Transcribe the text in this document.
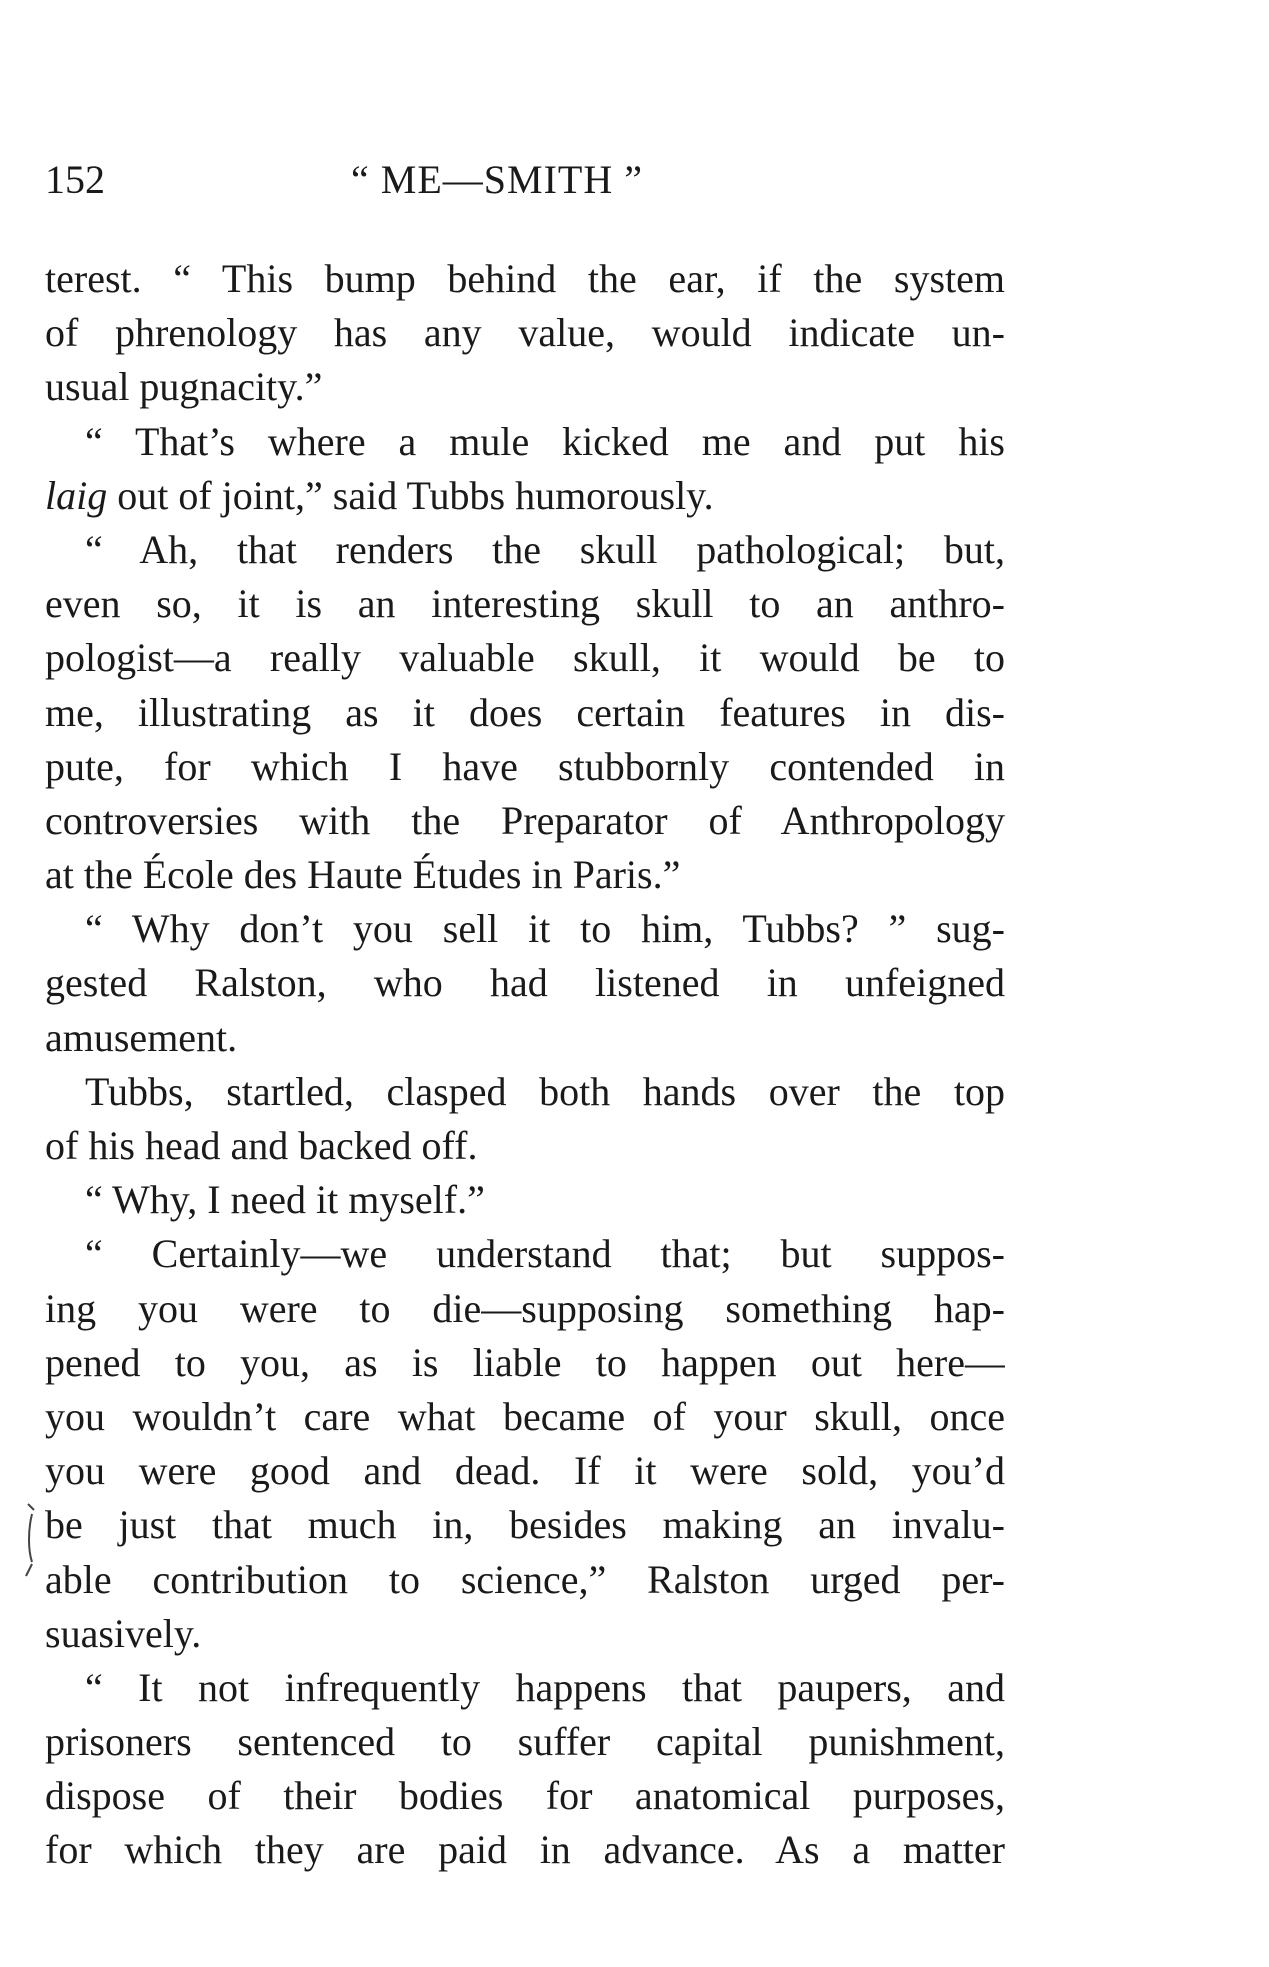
152	“ ME—SMITH ”
terest. “ This bump behind the ear, if the system
of phrenology has any value, would indicate un-
usual pugnacity.”
“ That’s where a mule kicked me and put his
laig out of joint,” said Tubbs humorously.
“ Ah, that renders the skull pathological; but,
even so, it is an interesting skull to an anthro-
pologist—a really valuable skull, it would be to
me, illustrating as it does certain features in dis-
pute, for which I have stubbornly contended in
controversies with the Preparator of Anthropology
at the École des Haute Études in Paris.”
“ Why don’t you sell it to him, Tubbs? ” sug-
gested Ralston, who had listened in unfeigned
amusement.
Tubbs, startled, clasped both hands over the top
of his head and backed off.
“ Why, I need it myself.”
“ Certainly—we understand that; but suppos-
ing you were to die—supposing something hap-
pened to you, as is liable to happen out here—
you wouldn’t care what became of your skull, once
you were good and dead. If it were sold, you’d
be just that much in, besides making an invalu-
able contribution to science,” Ralston urged per-
suasively.
“ It not infrequently happens that paupers, and
prisoners sentenced to suffer capital punishment,
dispose of their bodies for anatomical purposes,
for which they are paid in advance. As a matter
